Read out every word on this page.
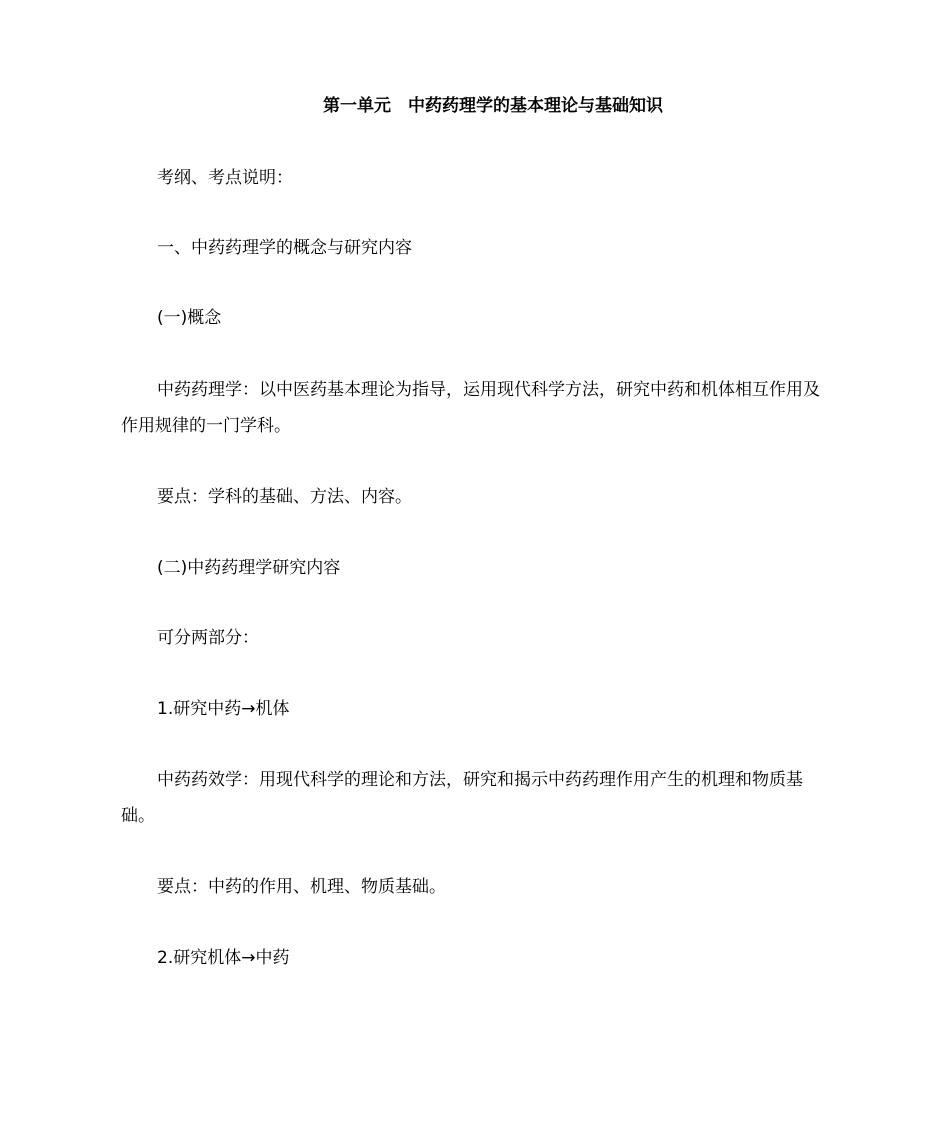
第一单元　中药药理学的基本理论与基础知识

考纲、考点说明：

一、中药药理学的概念与研究内容

(一)概念

中药药理学：以中医药基本理论为指导，运用现代科学方法，研究中药和机体相互作用及作用规律的一门学科。

要点：学科的基础、方法、内容。

(二)中药药理学研究内容

可分两部分：

1.研究中药→机体

中药药效学：用现代科学的理论和方法，研究和揭示中药药理作用产生的机理和物质基础。

要点：中药的作用、机理、物质基础。

2.研究机体→中药
